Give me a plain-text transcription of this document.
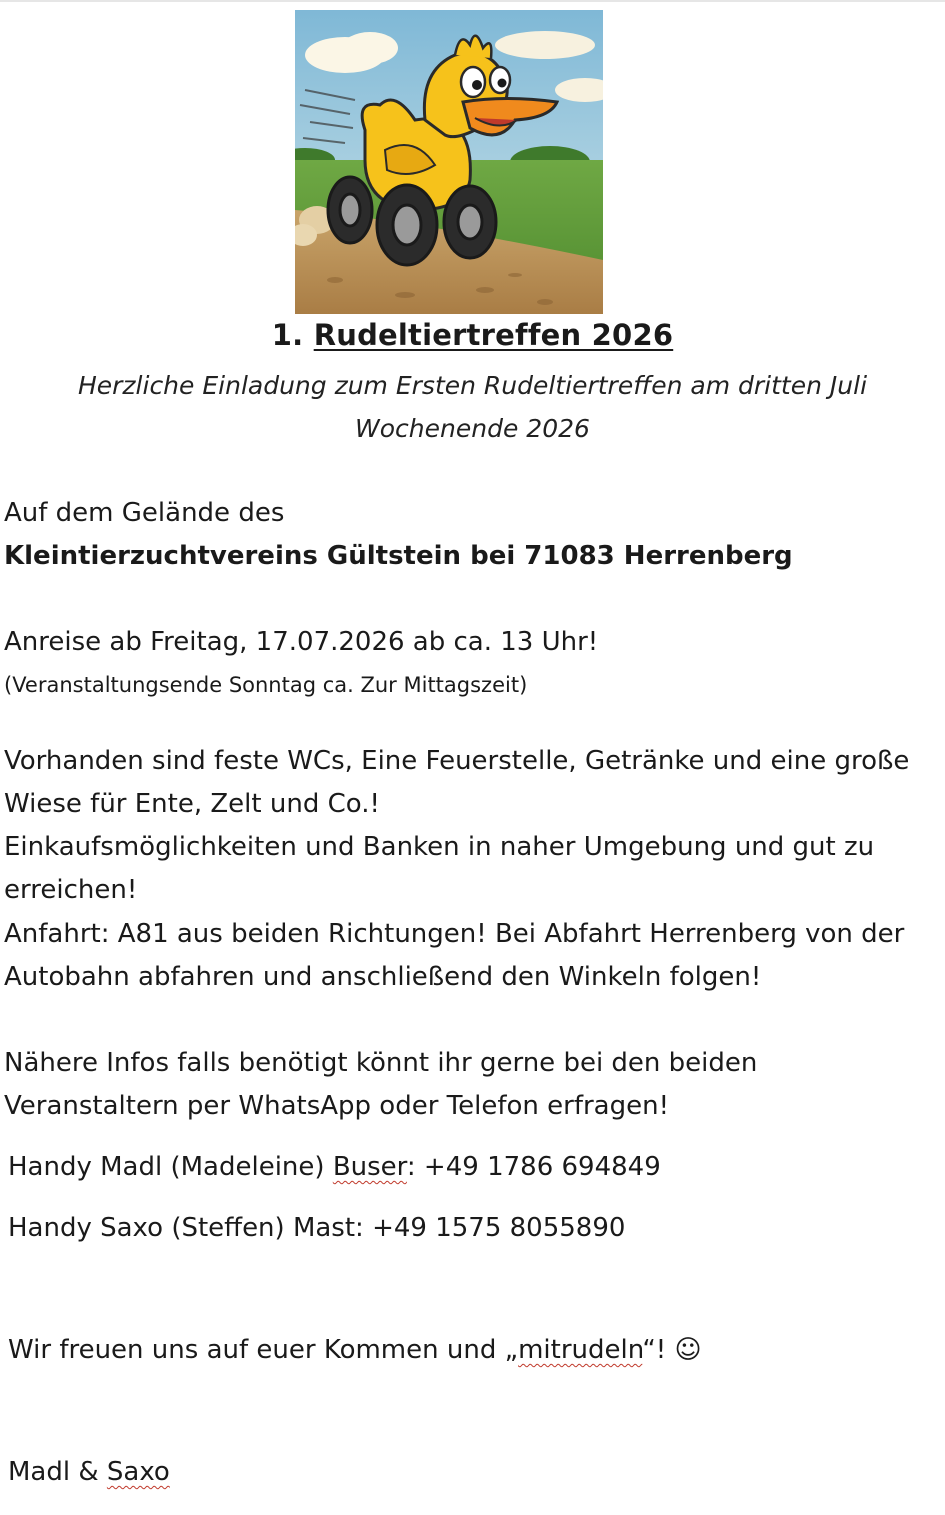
1. Rudeltiertreffen 2026
Herzliche Einladung zum Ersten Rudeltiertreffen am dritten Juli
Wochenende 2026
Auf dem Gelände des
Kleintierzuchtvereins Gültstein bei 71083 Herrenberg
Anreise ab Freitag, 17.07.2026 ab ca. 13 Uhr!
(Veranstaltungsende Sonntag ca. Zur Mittagszeit)
Vorhanden sind feste WCs, Eine Feuerstelle, Getränke und eine große
Wiese für Ente, Zelt und Co.!
Einkaufsmöglichkeiten und Banken in naher Umgebung und gut zu
erreichen!
Anfahrt: A81 aus beiden Richtungen! Bei Abfahrt Herrenberg von der
Autobahn abfahren und anschließend den Winkeln folgen!
Nähere Infos falls benötigt könnt ihr gerne bei den beiden
Veranstaltern per WhatsApp oder Telefon erfragen!
Handy Madl (Madeleine) Buser: +49 1786 694849
Handy Saxo (Steffen) Mast: +49 1575 8055890
Wir freuen uns auf euer Kommen und „mitrudeln“! ☺
Madl & Saxo
